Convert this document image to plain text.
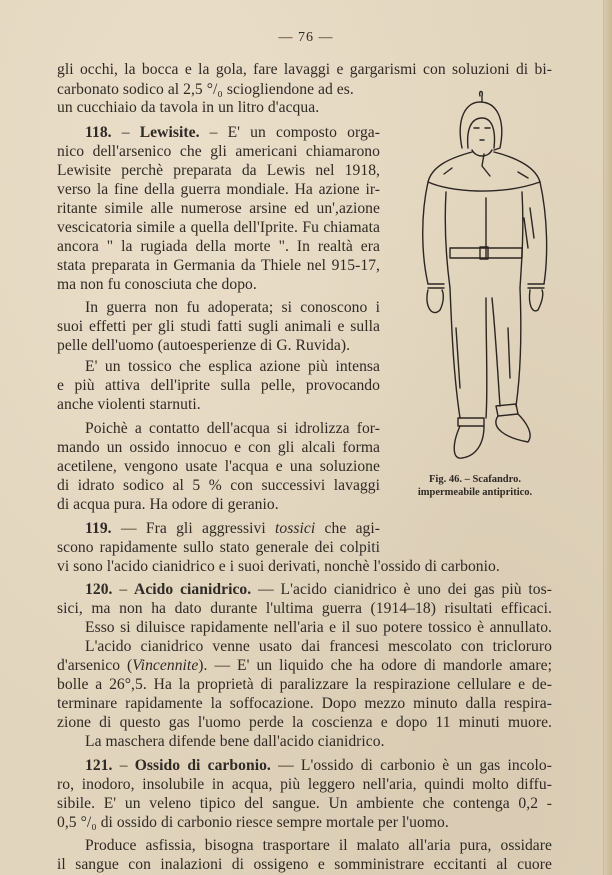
— 76 —
gli occhi, la bocca e la gola, fare lavaggi e gargarismi con soluzioni di bi-
carbonato sodico al 2,5 °/₀ sciogliendone ad es.
un cucchiaio da tavola in un litro d'acqua.
118. – Lewisite. – E' un composto orga-
nico dell'arsenico che gli americani chiamarono
Lewisite perchè preparata da Lewis nel 1918,
verso la fine della guerra mondiale. Ha azione ir-
ritante simile alle numerose arsine ed un',azione
vescicatoria simile a quella dell'Iprite. Fu chiamata
ancora " la rugiada della morte ". In realtà era
stata preparata in Germania da Thiele nel 915-17,
ma non fu conosciuta che dopo.
In guerra non fu adoperata; si conoscono i
suoi effetti per gli studi fatti sugli animali e sulla
pelle dell'uomo (autoesperienze di G. Ruvida).
E' un tossico che esplica azione più intensa
e più attiva dell'iprite sulla pelle, provocando
anche violenti starnuti.
Poichè a contatto dell'acqua si idrolizza for-
mando un ossido innocuo e con gli alcali forma
acetilene, vengono usate l'acqua e una soluzione
di idrato sodico al 5 % con successivi lavaggi
di acqua pura. Ha odore di geranio.
119. — Fra gli aggressivi tossici che agi-
scono rapidamente sullo stato generale dei colpiti
vi sono l'acido cianidrico e i suoi derivati, nonchè l'ossido di carbonio.
120. – Acido cianidrico. — L'acido cianidrico è uno dei gas più tos-
sici, ma non ha dato durante l'ultima guerra (1914–18) risultati efficaci.
Esso si diluisce rapidamente nell'aria e il suo potere tossico è annullato.
L'acido cianidrico venne usato dai francesi mescolato con tricloruro
d'arsenico (Vincennite). — E' un liquido che ha odore di mandorle amare;
bolle a 26°,5. Ha la proprietà di paralizzare la respirazione cellulare e de-
terminare rapidamente la soffocazione. Dopo mezzo minuto dalla respira-
zione di questo gas l'uomo perde la coscienza e dopo 11 minuti muore.
La maschera difende bene dall'acido cianidrico.
121. – Ossido di carbonio. — L'ossido di carbonio è un gas incolo-
ro, inodoro, insolubile in acqua, più leggero nell'aria, quindi molto diffu-
sibile. E' un veleno tipico del sangue. Un ambiente che contenga 0,2 -
0,5 °/₀ di ossido di carbonio riesce sempre mortale per l'uomo.
Produce asfissia, bisogna trasportare il malato all'aria pura, ossidare
il sangue con inalazioni di ossigeno e somministrare eccitanti al cuore
Fig. 46. – Scafandro.
impermeabile antipritico.
